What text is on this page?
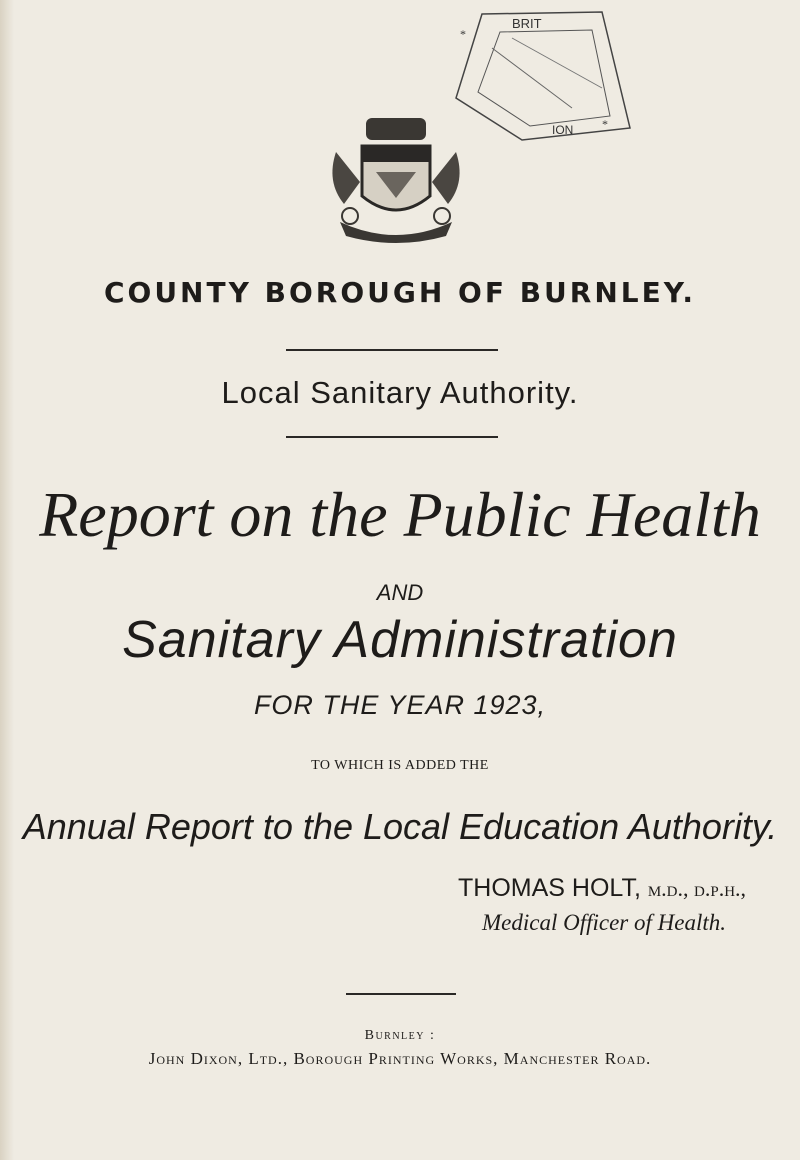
BRIT
ION
*
*
COUNTY BOROUGH OF BURNLEY.
Local Sanitary Authority.
Report on the Public Health
AND
Sanitary Administration
FOR THE YEAR 1923,
TO WHICH IS ADDED THE
Annual Report to the Local Education Authority.
THOMAS HOLT, m.d., d.p.h.,
Medical Officer of Health.
Burnley :
John Dixon, Ltd., Borough Printing Works, Manchester Road.
